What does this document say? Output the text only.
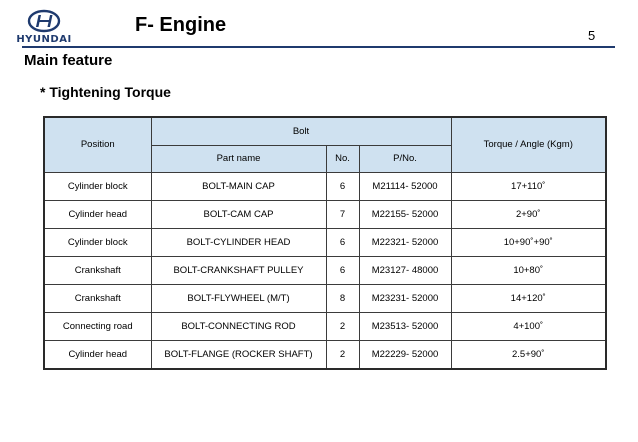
HYUNDAI
F- Engine	5
Main feature
* Tightening Torque
Position	Bolt			Torque / Angle (Kgm)
	Part name	No.	P/No.	
Cylinder block	BOLT-MAIN CAP	6	M21114- 52000	17+110˚
Cylinder head	BOLT-CAM CAP	7	M22155- 52000	2+90˚
Cylinder block	BOLT-CYLINDER HEAD	6	M22321- 52000	10+90˚+90˚
Crankshaft	BOLT-CRANKSHAFT PULLEY	6	M23127- 48000	10+80˚
Crankshaft	BOLT-FLYWHEEL (M/T)	8	M23231- 52000	14+120˚
Connecting road	BOLT-CONNECTING ROD	2	M23513- 52000	4+100˚
Cylinder head	BOLT-FLANGE (ROCKER SHAFT)	2	M22229- 52000	2.5+90˚
